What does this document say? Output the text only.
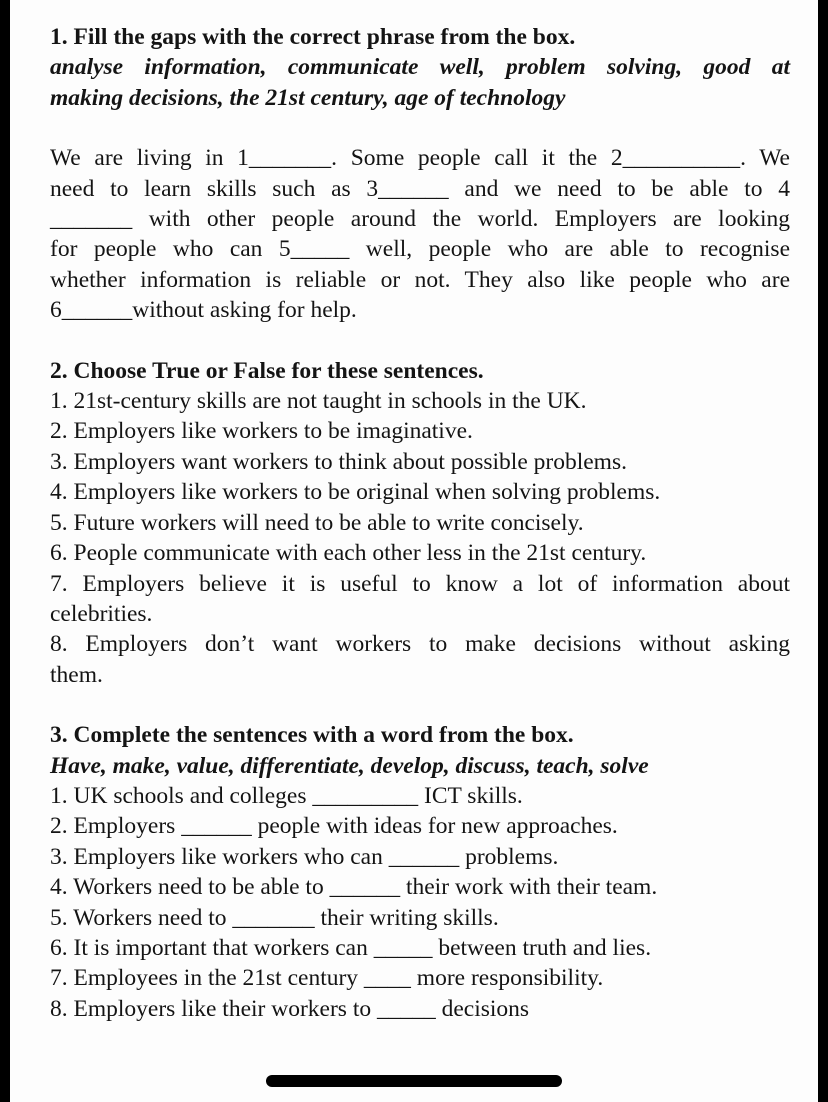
1. Fill the gaps with the correct phrase from the box.

analyse information, communicate well, problem solving, good at

making decisions, the 21st century, age of technology

We are living in 1_______. Some people call it the 2__________. We

need to learn skills such as 3______ and we need to be able to 4

_______ with other people around the world. Employers are looking

for people who can 5_____ well, people who are able to recognise

whether information is reliable or not. They also like people who are

6______without asking for help.

2. Choose True or False for these sentences.

1. 21st-century skills are not taught in schools in the UK.

2. Employers like workers to be imaginative.

3. Employers want workers to think about possible problems.

4. Employers like workers to be original when solving problems.

5. Future workers will need to be able to write concisely.

6. People communicate with each other less in the 21st century.

7. Employers believe it is useful to know a lot of information about

celebrities.

8. Employers don’t want workers to make decisions without asking

them.

3. Complete the sentences with a word from the box.

Have, make, value, differentiate, develop, discuss, teach, solve

1. UK schools and colleges _________ ICT skills.

2. Employers ______ people with ideas for new approaches.

3. Employers like workers who can ______ problems.

4. Workers need to be able to ______ their work with their team.

5. Workers need to _______ their writing skills.

6. It is important that workers can _____ between truth and lies.

7. Employees in the 21st century ____ more responsibility.

8. Employers like their workers to _____ decisions
